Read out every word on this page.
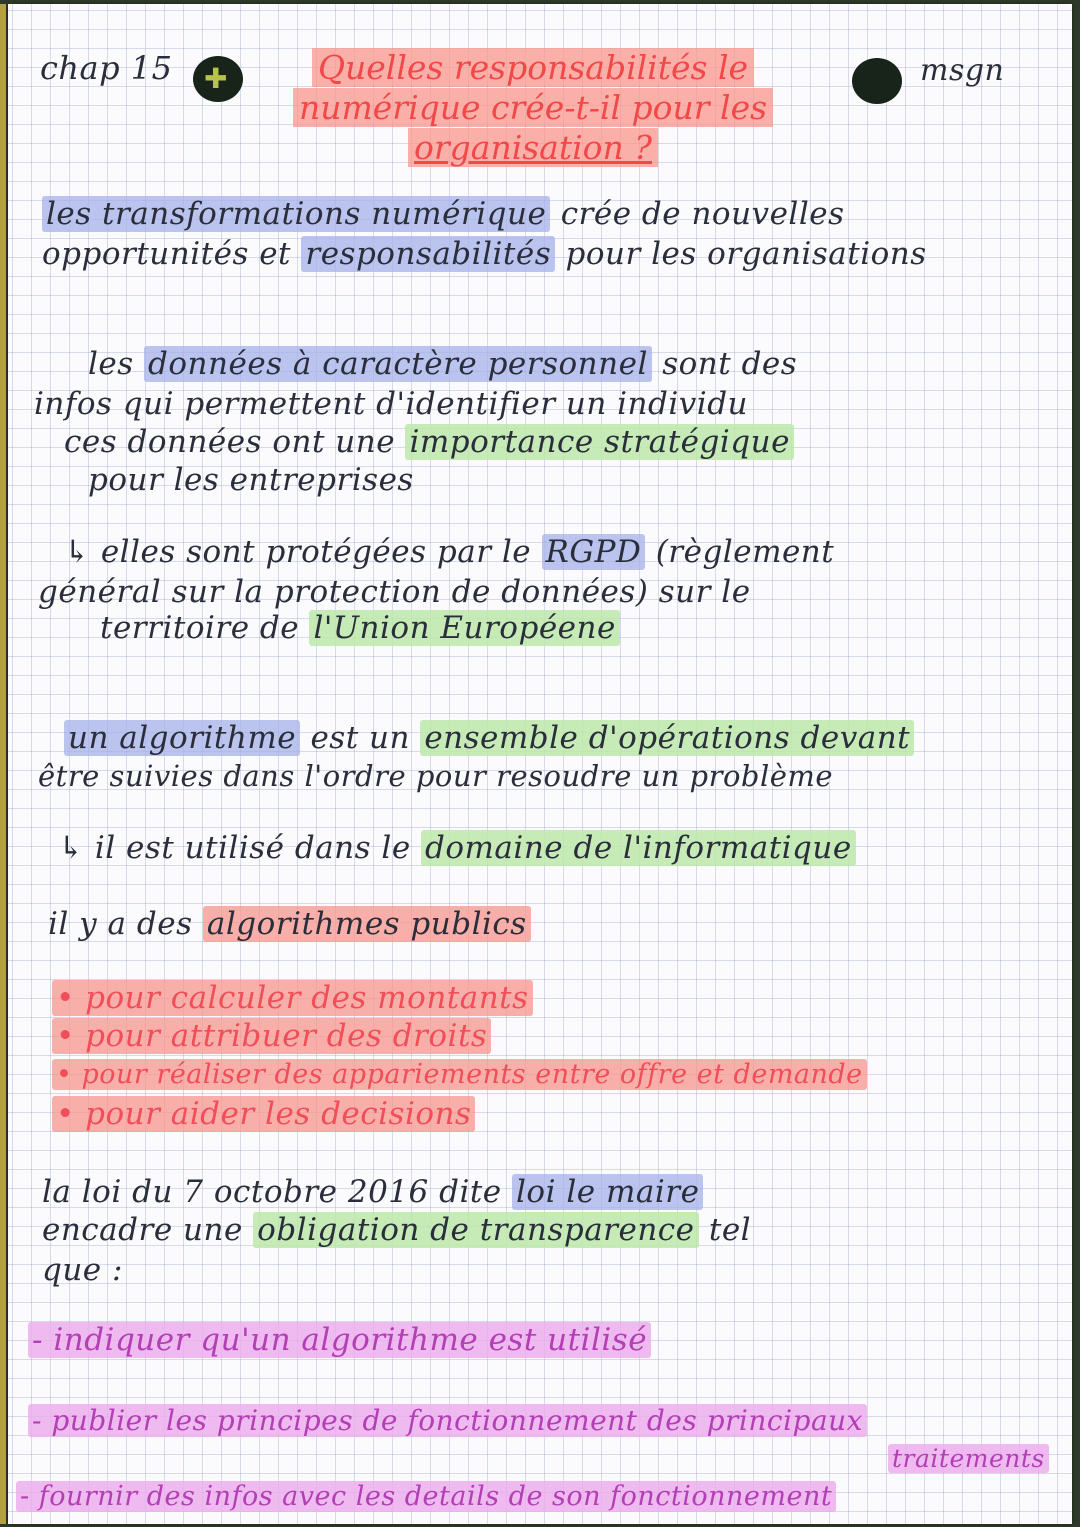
chap 15 ✚	msgn
Quelles responsabilités le
numérique crée-t-il pour les
organisation ?
les transformations numérique crée de nouvelles
opportunités et responsabilités pour les organisations
les données à caractère personnel sont des
infos qui permettent d'identifier un individu
ces données ont une importance stratégique
pour les entreprises
↳ elles sont protégées par le RGPD (règlement
général sur la protection de données) sur le
territoire de l'Union Européene
un algorithme est un ensemble d'opérations devant
être suivies dans l'ordre pour resoudre un problème
↳ il est utilisé dans le domaine de l'informatique
il y a des algorithmes publics
• pour calculer des montants
• pour attribuer des droits
• pour réaliser des appariements entre offre et demande
• pour aider les decisions
la loi du 7 octobre 2016 dite loi le maire
encadre une obligation de transparence tel
que :
- indiquer qu'un algorithme est utilisé
- publier les principes de fonctionnement des principaux
traitements
- fournir des infos avec les details de son fonctionnement
